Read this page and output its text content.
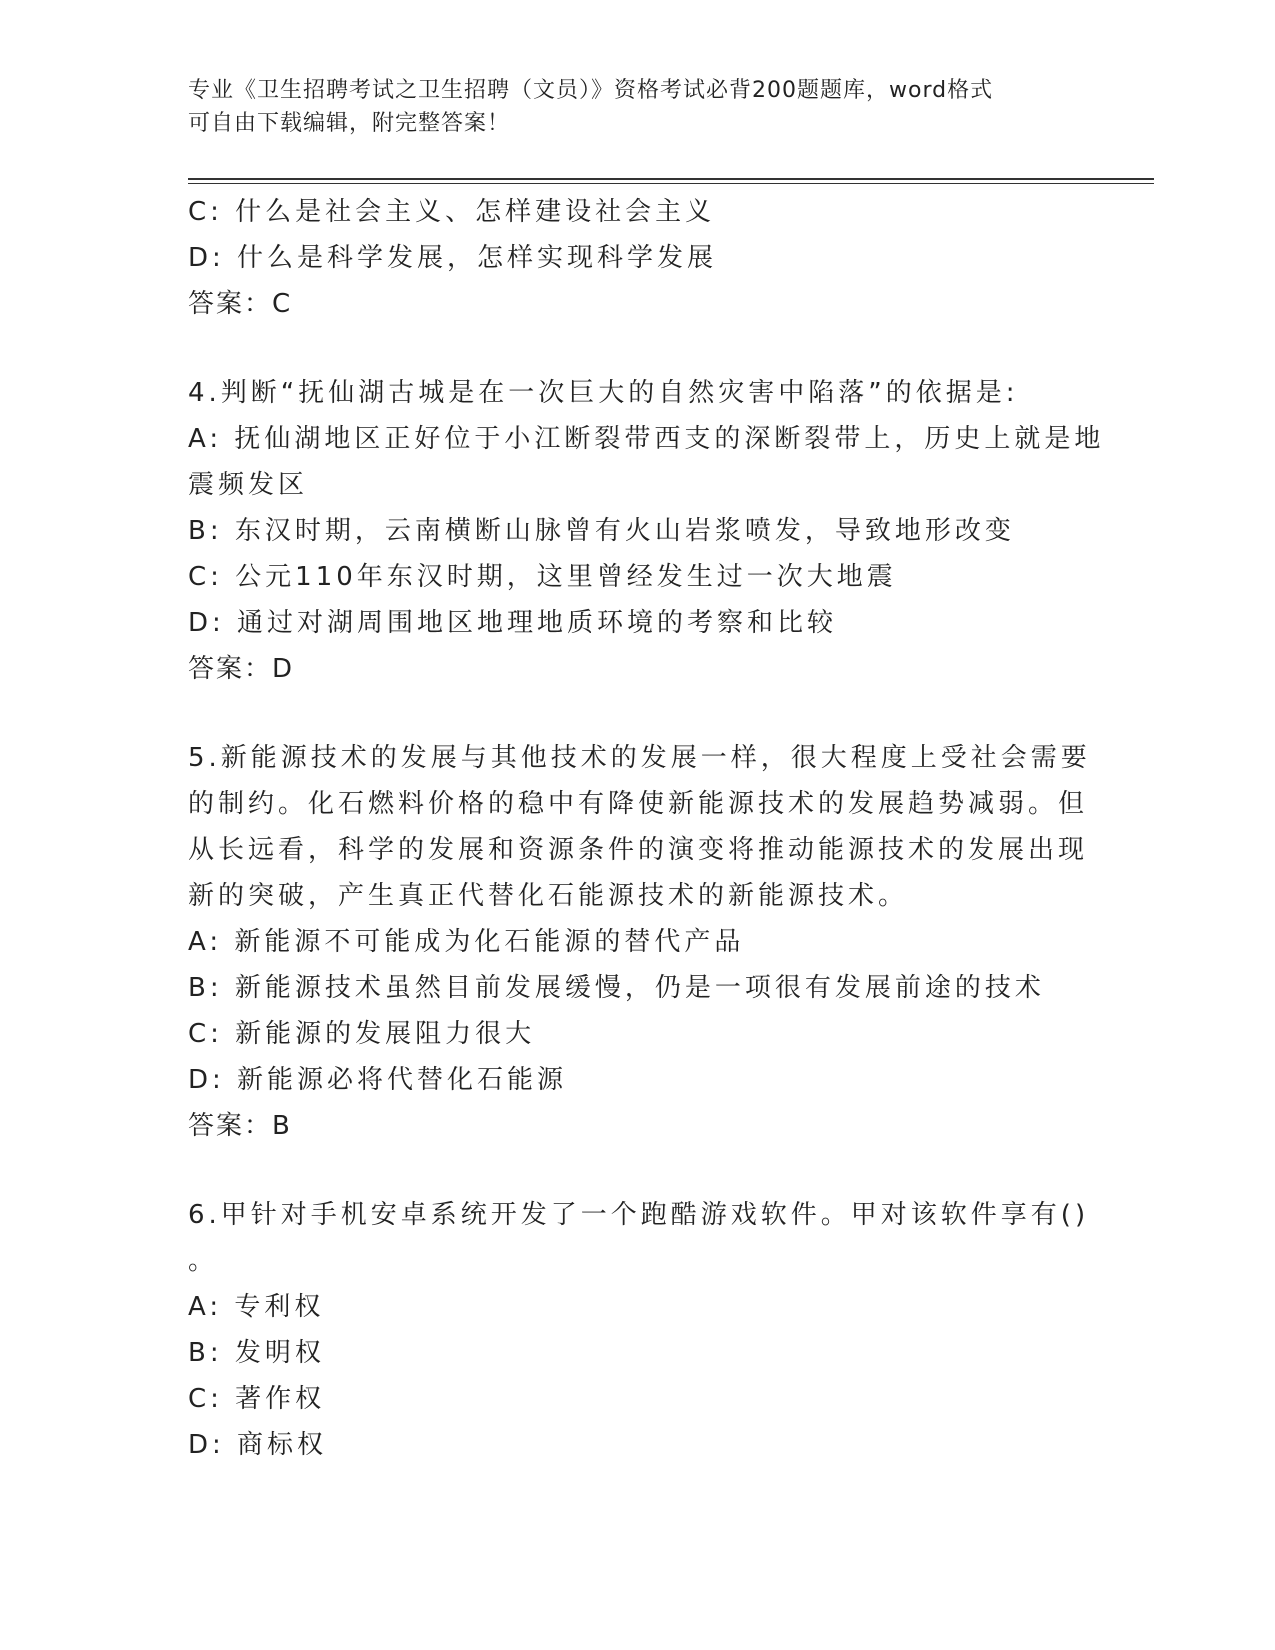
专业《卫生招聘考试之卫生招聘（文员）》资格考试必背200题题库，word格式
可自由下载编辑，附完整答案！
C: 什么是社会主义、怎样建设社会主义
D: 什么是科学发展，怎样实现科学发展
答案：C
4.判断“抚仙湖古城是在一次巨大的自然灾害中陷落”的依据是:
A: 抚仙湖地区正好位于小江断裂带西支的深断裂带上，历史上就是地
震频发区
B: 东汉时期，云南横断山脉曾有火山岩浆喷发，导致地形改变
C: 公元110年东汉时期，这里曾经发生过一次大地震
D: 通过对湖周围地区地理地质环境的考察和比较
答案：D
5.新能源技术的发展与其他技术的发展一样，很大程度上受社会需要
的制约。化石燃料价格的稳中有降使新能源技术的发展趋势减弱。但
从长远看，科学的发展和资源条件的演变将推动能源技术的发展出现
新的突破，产生真正代替化石能源技术的新能源技术。
A: 新能源不可能成为化石能源的替代产品
B: 新能源技术虽然目前发展缓慢，仍是一项很有发展前途的技术
C: 新能源的发展阻力很大
D: 新能源必将代替化石能源
答案：B
6.甲针对手机安卓系统开发了一个跑酷游戏软件。甲对该软件享有()
。
A: 专利权
B: 发明权
C: 著作权
D: 商标权
